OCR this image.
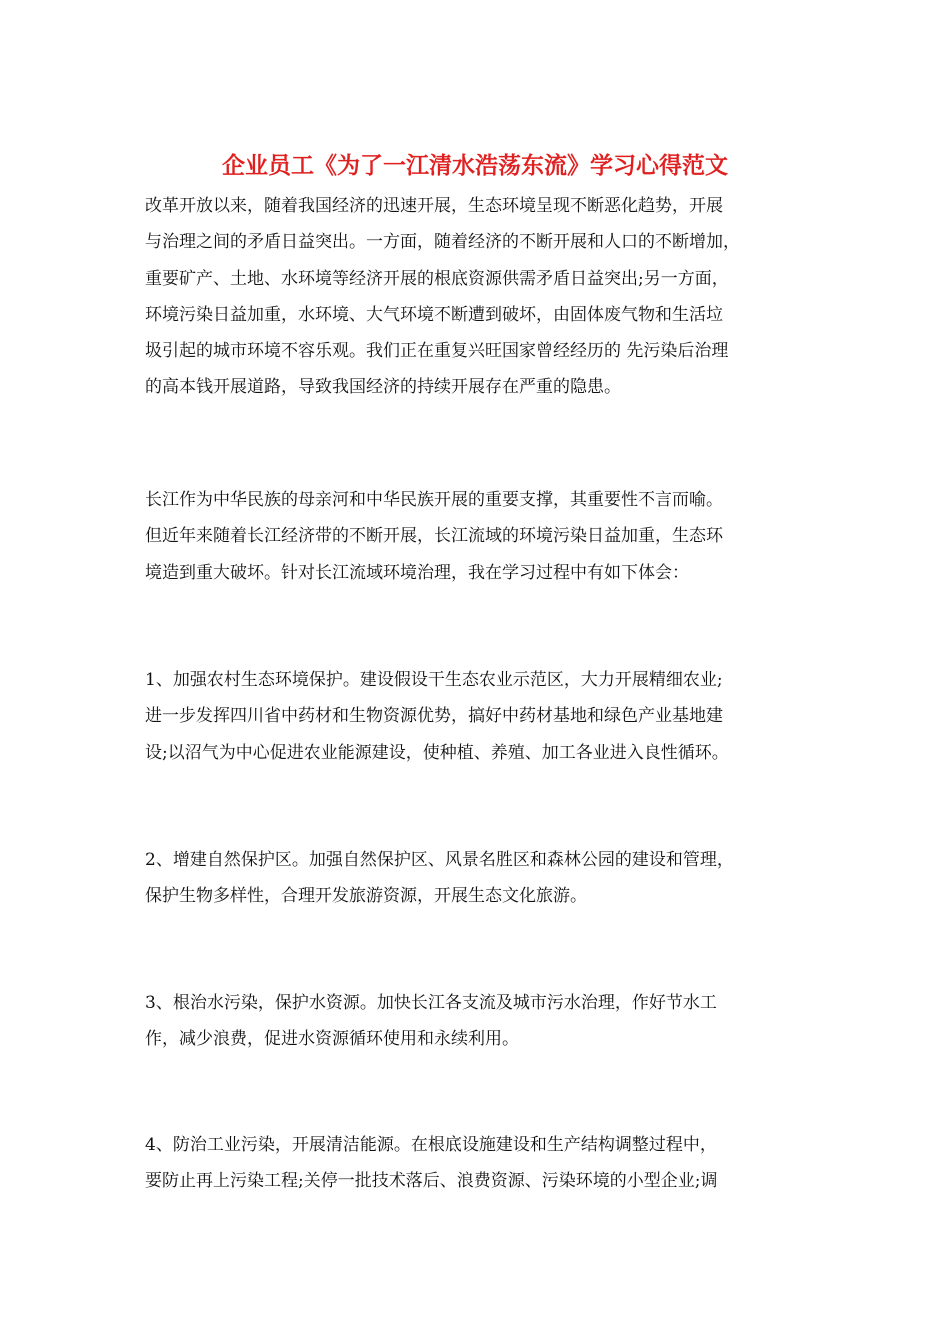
企业员工《为了一江清水浩荡东流》学习心得范文
改革开放以来，随着我国经济的迅速开展，生态环境呈现不断恶化趋势，开展
与治理之间的矛盾日益突出。一方面，随着经济的不断开展和人口的不断增加，
重要矿产、土地、水环境等经济开展的根底资源供需矛盾日益突出;另一方面，
环境污染日益加重，水环境、大气环境不断遭到破坏，由固体废气物和生活垃
圾引起的城市环境不容乐观。我们正在重复兴旺国家曾经经历的 先污染后治理
的高本钱开展道路，导致我国经济的持续开展存在严重的隐患。
长江作为中华民族的母亲河和中华民族开展的重要支撑，其重要性不言而喻。
但近年来随着长江经济带的不断开展，长江流域的环境污染日益加重，生态环
境造到重大破坏。针对长江流域环境治理，我在学习过程中有如下体会：
1、加强农村生态环境保护。建设假设干生态农业示范区，大力开展精细农业;
进一步发挥四川省中药材和生物资源优势，搞好中药材基地和绿色产业基地建
设;以沼气为中心促进农业能源建设，使种植、养殖、加工各业进入良性循环。
2、增建自然保护区。加强自然保护区、风景名胜区和森林公园的建设和管理，
保护生物多样性，合理开发旅游资源，开展生态文化旅游。
3、根治水污染，保护水资源。加快长江各支流及城市污水治理，作好节水工
作，减少浪费，促进水资源循环使用和永续利用。
4、防治工业污染，开展清洁能源。在根底设施建设和生产结构调整过程中，
要防止再上污染工程;关停一批技术落后、浪费资源、污染环境的小型企业;调
